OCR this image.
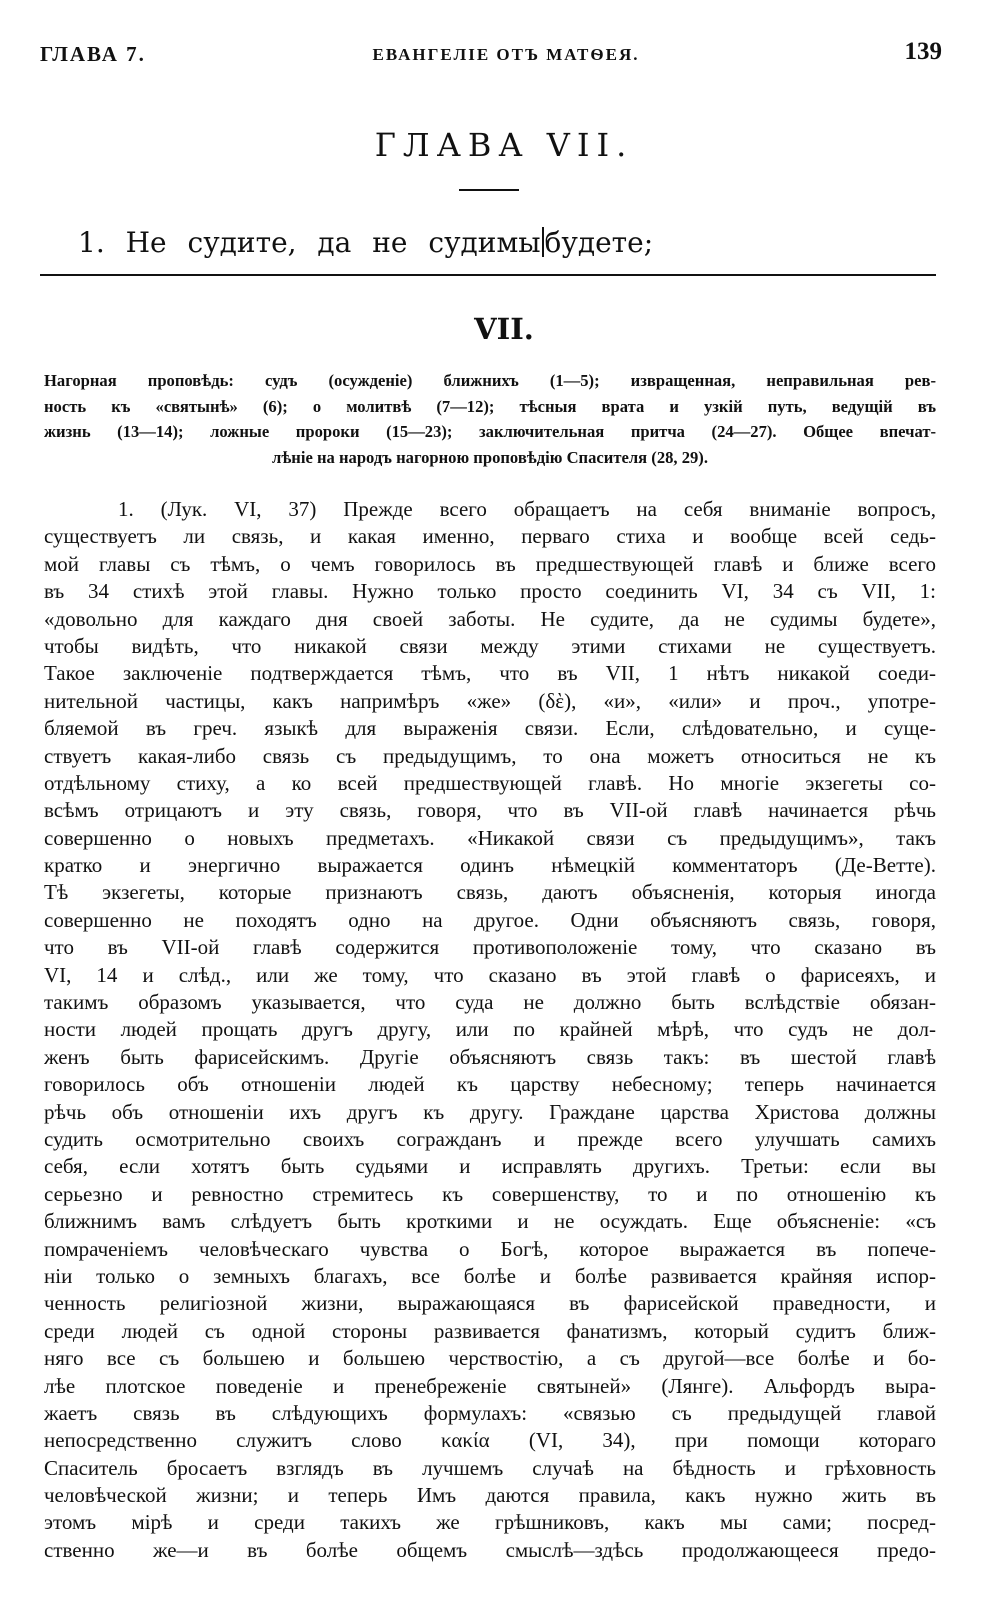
ГЛАВА 7.	ЕВАНГЕЛIЕ ОТЪ МАТѲЕЯ.	139
ГЛАВА VII.
1. Не судите, да не судимы будете;
VII.
Нагорная проповѣдь: судъ (осужденiе) ближнихъ (1—5); извращенная, неправильная рев-
ность къ «святынѣ» (6); о молитвѣ (7—12); тѣсныя врата и узкiй путь, ведущiй въ
жизнь (13—14); ложные пророки (15—23); заключительная притча (24—27). Общее впечат-
лѣнiе на народъ нагорною проповѣдiю Спасителя (28, 29).
1. (Лук. VI, 37) Прежде всего обращаетъ на себя вниманiе вопросъ,
существуетъ ли связь, и какая именно, перваго стиха и вообще всей седь-
мой главы съ тѣмъ, о чемъ говорилось въ предшествующей главѣ и ближе всего
въ 34 стихѣ этой главы. Нужно только просто соединить VI, 34 съ VII, 1:
«довольно для каждаго дня своей заботы. Не судите, да не судимы будете»,
чтобы видѣть, что никакой связи между этими стихами не существуетъ.
Такое заключенiе подтверждается тѣмъ, что въ VII, 1 нѣтъ никакой соеди-
нительной частицы, какъ напримѣръ «же» (δὲ), «и», «или» и проч., употре-
бляемой въ греч. языкѣ для выраженiя связи. Если, слѣдовательно, и суще-
ствуетъ какая-либо связь съ предыдущимъ, то она можетъ относиться не къ
отдѣльному стиху, а ко всей предшествующей главѣ. Но многiе экзегеты со-
всѣмъ отрицаютъ и эту связь, говоря, что въ VII-ой главѣ начинается рѣчь
совершенно о новыхъ предметахъ. «Никакой связи съ предыдущимъ», такъ
кратко и энергично выражается одинъ нѣмецкiй комментаторъ (Де-Ветте).
Тѣ экзегеты, которые признаютъ связь, даютъ объясненiя, которыя иногда
совершенно не походятъ одно на другое. Одни объясняютъ связь, говоря,
что въ VII-ой главѣ содержится противоположенiе тому, что сказано въ
VI, 14 и слѣд., или же тому, что сказано въ этой главѣ о фарисеяхъ, и
такимъ образомъ указывается, что суда не должно быть вслѣдствiе обязан-
ности людей прощать другъ другу, или по крайней мѣрѣ, что судъ не дол-
женъ быть фарисейскимъ. Другiе объясняютъ связь такъ: въ шестой главѣ
говорилось объ отношенiи людей къ царству небесному; теперь начинается
рѣчь объ отношенiи ихъ другъ къ другу. Граждане царства Христова должны
судить осмотрительно своихъ согражданъ и прежде всего улучшать самихъ
себя, если хотятъ быть судьями и исправлять другихъ. Третьи: если вы
серьезно и ревностно стремитесь къ совершенству, то и по отношенiю къ
ближнимъ вамъ слѣдуетъ быть кроткими и не осуждать. Еще объясненiе: «съ
помраченiемъ человѣческаго чувства о Богѣ, которое выражается въ попече-
нiи только о земныхъ благахъ, все болѣе и болѣе развивается крайняя испор-
ченность религiозной жизни, выражающаяся въ фарисейской праведности, и
среди людей съ одной стороны развивается фанатизмъ, который судитъ ближ-
няго все съ большею и большею черствостiю, а съ другой—все болѣе и бо-
лѣе плотское поведенiе и пренебреженiе святыней» (Лянге). Альфордъ выра-
жаетъ связь въ слѣдующихъ формулахъ: «связью съ предыдущей главой
непосредственно служитъ слово κακία (VI, 34), при помощи котораго
Спаситель бросаетъ взглядъ въ лучшемъ случаѣ на бѣдность и грѣховность
человѣческой жизни; и теперь Имъ даются правила, какъ нужно жить въ
этомъ мiрѣ и среди такихъ же грѣшниковъ, какъ мы сами; посред-
ственно же—и въ болѣе общемъ смыслѣ—здѣсь продолжающееся предо-
